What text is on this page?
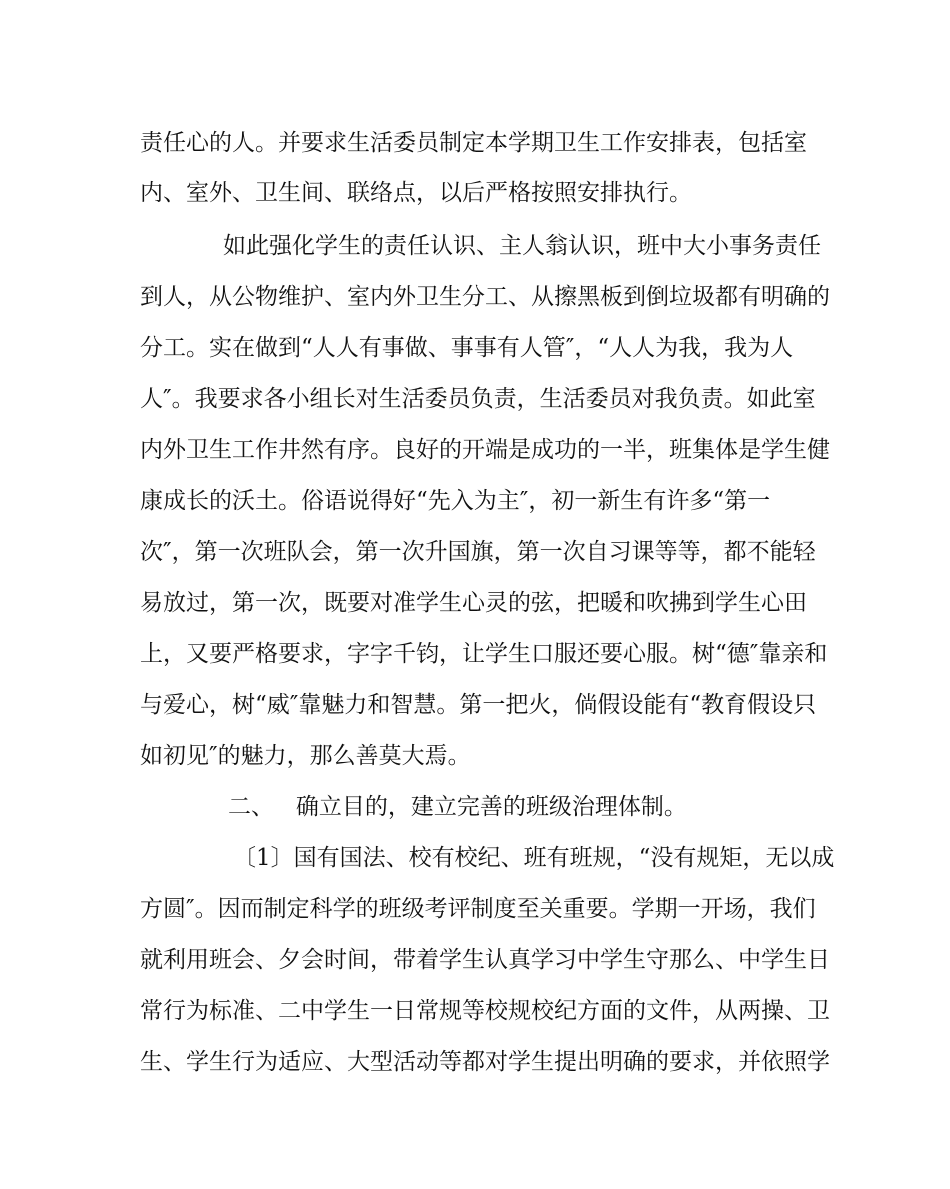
责任心的人。并要求生活委员制定本学期卫生工作安排表，包括室

内、室外、卫生间、联络点，以后严格按照安排执行。

如此强化学生的责任认识、主人翁认识，班中大小事务责任

到人，从公物维护、室内外卫生分工、从擦黑板到倒垃圾都有明确的

分工。实在做到“人人有事做、事事有人管″，“人人为我，我为人

人″。我要求各小组长对生活委员负责，生活委员对我负责。如此室

内外卫生工作井然有序。良好的开端是成功的一半，班集体是学生健

康成长的沃土。俗语说得好“先入为主″，初一新生有许多“第一

次″，第一次班队会，第一次升国旗，第一次自习课等等，都不能轻

易放过，第一次，既要对准学生心灵的弦，把暖和吹拂到学生心田

上，又要严格要求，字字千钧，让学生口服还要心服。树“德″靠亲和

与爱心，树“威″靠魅力和智慧。第一把火，倘假设能有“教育假设只

如初见″的魅力，那么善莫大焉。

二、   确立目的，建立完善的班级治理体制。

〔1〕国有国法、校有校纪、班有班规，“没有规矩，无以成

方圆″。因而制定科学的班级考评制度至关重要。学期一开场，我们

就利用班会、夕会时间，带着学生认真学习中学生守那么、中学生日

常行为标准、二中学生一日常规等校规校纪方面的文件，从两操、卫

生、学生行为适应、大型活动等都对学生提出明确的要求，并依照学
